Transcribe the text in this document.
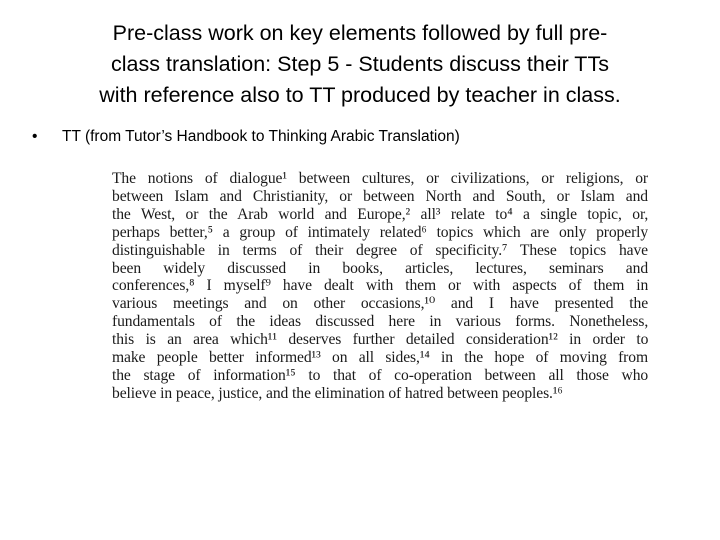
Pre-class work on key elements followed by full pre-
class translation: Step 5 - Students discuss their TTs
with reference also to TT produced by teacher in class.
• TT (from Tutor’s Handbook to Thinking Arabic Translation)

The notions of dialogue¹ between cultures, or civilizations, or religions, or

between Islam and Christianity, or between North and South, or Islam and

the West, or the Arab world and Europe,² all³ relate to⁴ a single topic, or,

perhaps better,⁵ a group of intimately related⁶ topics which are only properly

distinguishable in terms of their degree of specificity.⁷ These topics have

been widely discussed in books, articles, lectures, seminars and

conferences,⁸ I myself⁹ have dealt with them or with aspects of them in

various meetings and on other occasions,¹⁰ and I have presented the

fundamentals of the ideas discussed here in various forms. Nonetheless,

this is an area which¹¹ deserves further detailed consideration¹² in order to

make people better informed¹³ on all sides,¹⁴ in the hope of moving from

the stage of information¹⁵ to that of co-operation between all those who

believe in peace, justice, and the elimination of hatred between peoples.¹⁶
